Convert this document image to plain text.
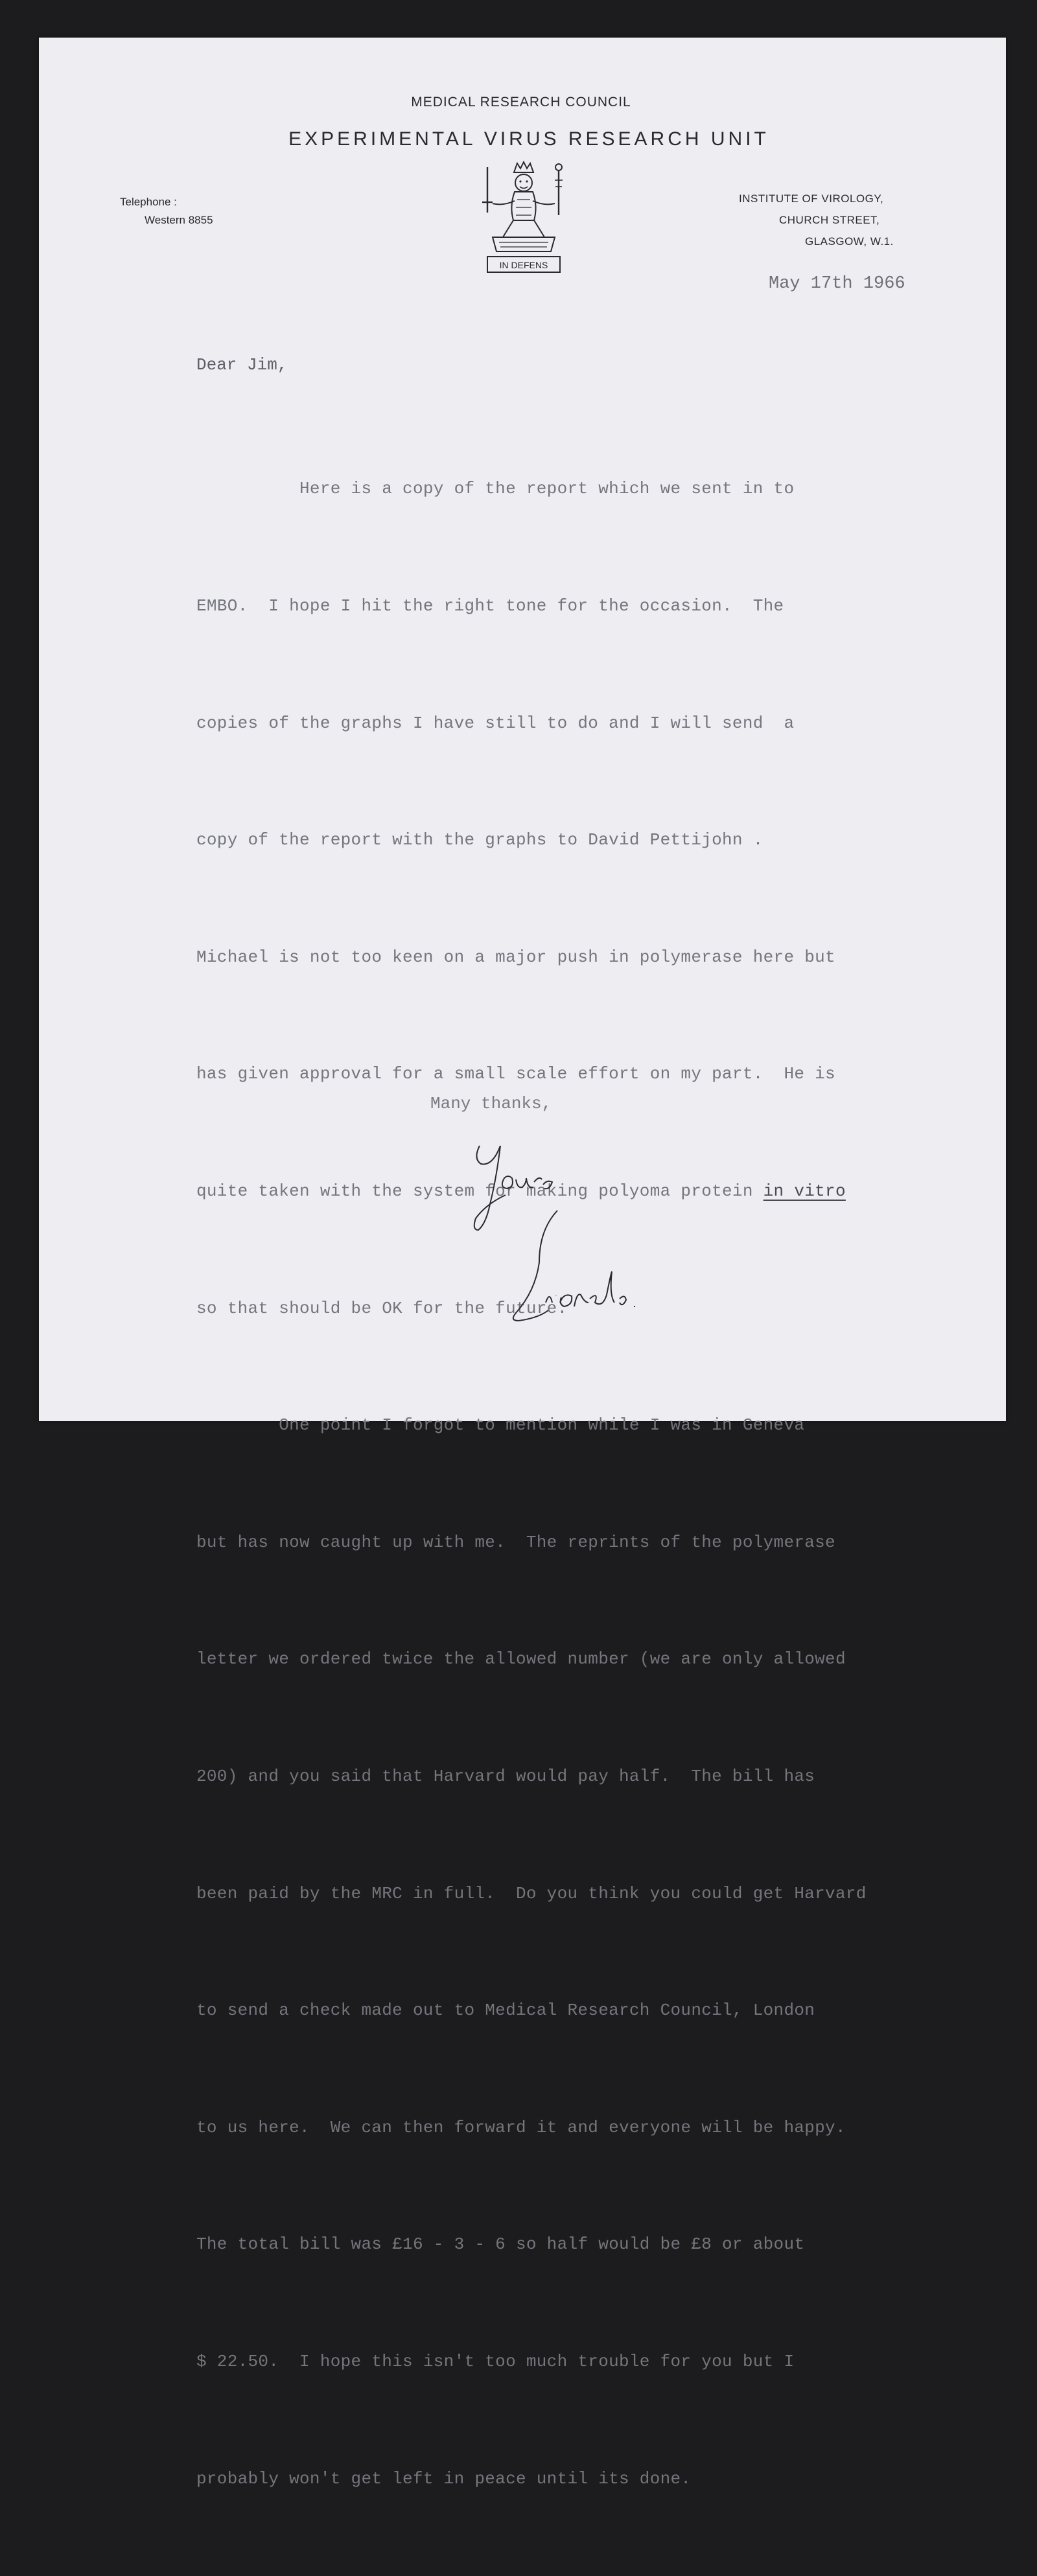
MEDICAL RESEARCH COUNCIL
EXPERIMENTAL VIRUS RESEARCH UNIT
Telephone :
Western 8855
IN DEFENS
INSTITUTE OF VIROLOGY,
CHURCH STREET,
GLASGOW, W.1.
May 17th 1966
Dear Jim,

Here is a copy of the report which we sent in to

EMBO.  I hope I hit the right tone for the occasion.  The

copies of the graphs I have still to do and I will send  a

copy of the report with the graphs to David Pettijohn .

Michael is not too keen on a major push in polymerase here but

has given approval for a small scale effort on my part.  He is

quite taken with the system for making polyoma protein in vitro

so that should be OK for the future.

One point I forgot to mention while I was in Geneva

but has now caught up with me.  The reprints of the polymerase

letter we ordered twice the allowed number (we are only allowed

200) and you said that Harvard would pay half.  The bill has

been paid by the MRC in full.  Do you think you could get Harvard

to send a check made out to Medical Research Council, London

to us here.  We can then forward it and everyone will be happy.

The total bill was £16 - 3 - 6 so half would be £8 or about

$ 22.50.  I hope this isn't too much trouble for you but I

probably won't get left in peace until its done.

Many thanks,
